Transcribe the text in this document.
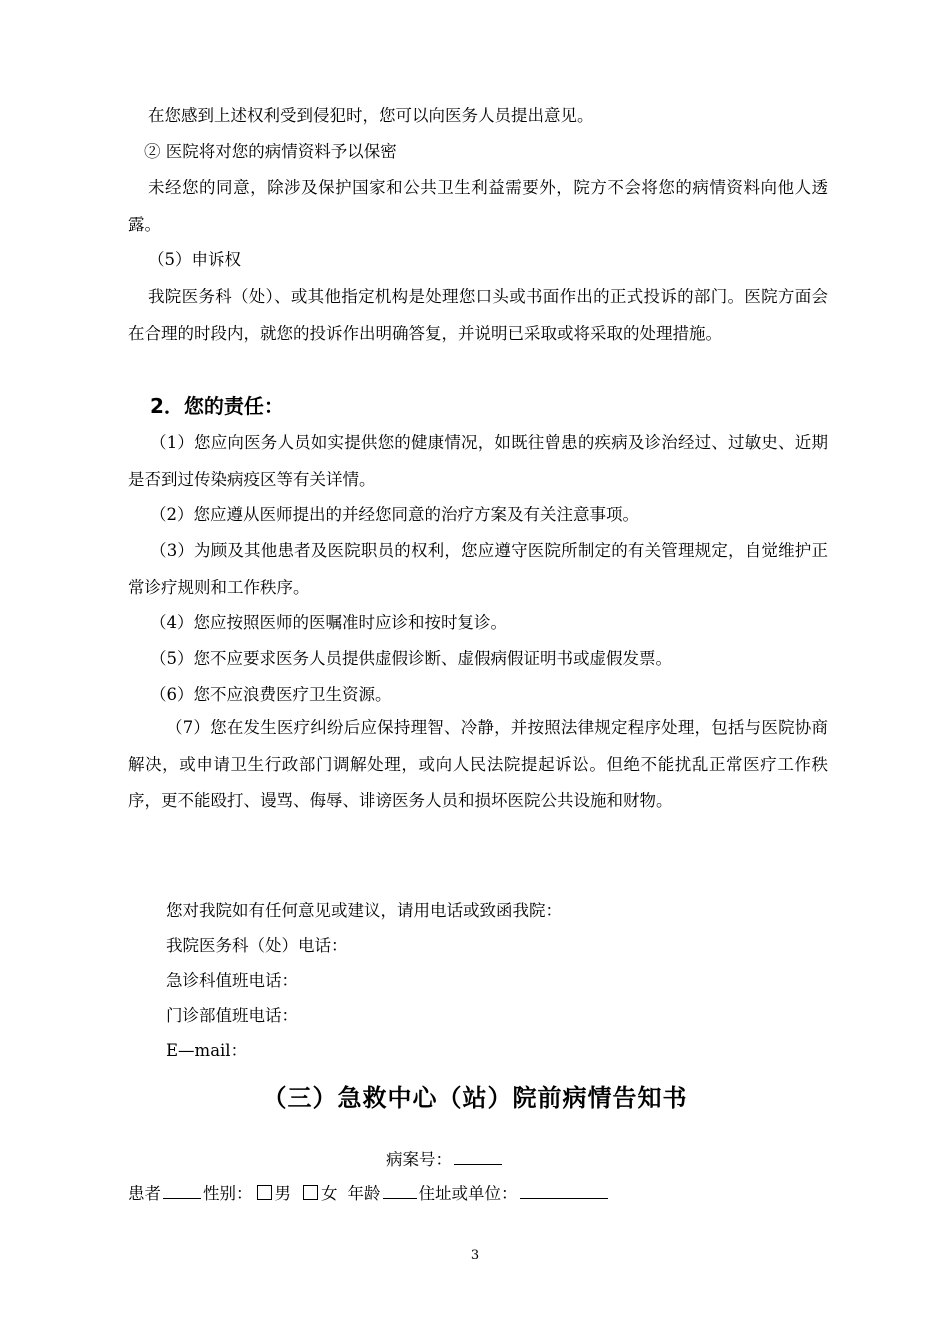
在您感到上述权利受到侵犯时，您可以向医务人员提出意见。
② 医院将对您的病情资料予以保密
未经您的同意，除涉及保护国家和公共卫生利益需要外，院方不会将您的病情资料向他人透露。
（5）申诉权
我院医务科（处）、或其他指定机构是处理您口头或书面作出的正式投诉的部门。医院方面会在合理的时段内，就您的投诉作出明确答复，并说明已采取或将采取的处理措施。
2．您的责任：
（1）您应向医务人员如实提供您的健康情况，如既往曾患的疾病及诊治经过、过敏史、近期是否到过传染病疫区等有关详情。
（2）您应遵从医师提出的并经您同意的治疗方案及有关注意事项。
（3）为顾及其他患者及医院职员的权利，您应遵守医院所制定的有关管理规定，自觉维护正常诊疗规则和工作秩序。
（4）您应按照医师的医嘱准时应诊和按时复诊。
（5）您不应要求医务人员提供虚假诊断、虚假病假证明书或虚假发票。
（6）您不应浪费医疗卫生资源。
（7）您在发生医疗纠纷后应保持理智、冷静，并按照法律规定程序处理，包括与医院协商解决，或申请卫生行政部门调解处理，或向人民法院提起诉讼。但绝不能扰乱正常医疗工作秩序，更不能殴打、谩骂、侮辱、诽谤医务人员和损坏医院公共设施和财物。
您对我院如有任何意见或建议，请用电话或致函我院：
我院医务科（处）电话：
急诊科值班电话：
门诊部值班电话：
E—mail：
（三）急救中心（站）院前病情告知书
病案号：
患者	性别： 男 女 年龄 住址或单位：
3
